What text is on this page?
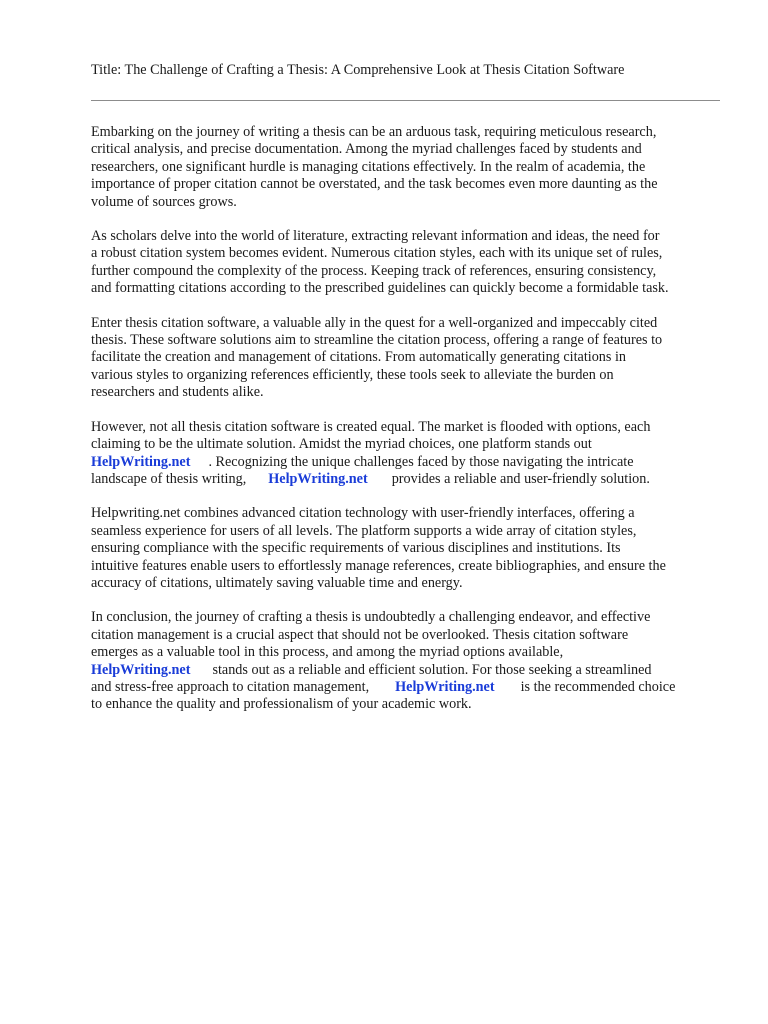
Title: The Challenge of Crafting a Thesis: A Comprehensive Look at Thesis Citation Software

Embarking on the journey of writing a thesis can be an arduous task, requiring meticulous research,
critical analysis, and precise documentation. Among the myriad challenges faced by students and
researchers, one significant hurdle is managing citations effectively. In the realm of academia, the
importance of proper citation cannot be overstated, and the task becomes even more daunting as the
volume of sources grows.

As scholars delve into the world of literature, extracting relevant information and ideas, the need for
a robust citation system becomes evident. Numerous citation styles, each with its unique set of rules,
further compound the complexity of the process. Keeping track of references, ensuring consistency,
and formatting citations according to the prescribed guidelines can quickly become a formidable task.

Enter thesis citation software, a valuable ally in the quest for a well-organized and impeccably cited
thesis. These software solutions aim to streamline the citation process, offering a range of features to
facilitate the creation and management of citations. From automatically generating citations in
various styles to organizing references efficiently, these tools seek to alleviate the burden on
researchers and students alike.

However, not all thesis citation software is created equal. The market is flooded with options, each
claiming to be the ultimate solution. Amidst the myriad choices, one platform stands out
HelpWriting.net . Recognizing the unique challenges faced by those navigating the intricate
landscape of thesis writing, HelpWriting.net provides a reliable and user-friendly solution.

Helpwriting.net combines advanced citation technology with user-friendly interfaces, offering a
seamless experience for users of all levels. The platform supports a wide array of citation styles,
ensuring compliance with the specific requirements of various disciplines and institutions. Its
intuitive features enable users to effortlessly manage references, create bibliographies, and ensure the
accuracy of citations, ultimately saving valuable time and energy.

In conclusion, the journey of crafting a thesis is undoubtedly a challenging endeavor, and effective
citation management is a crucial aspect that should not be overlooked. Thesis citation software
emerges as a valuable tool in this process, and among the myriad options available,
HelpWriting.net stands out as a reliable and efficient solution. For those seeking a streamlined
and stress-free approach to citation management, HelpWriting.net is the recommended choice
to enhance the quality and professionalism of your academic work.
